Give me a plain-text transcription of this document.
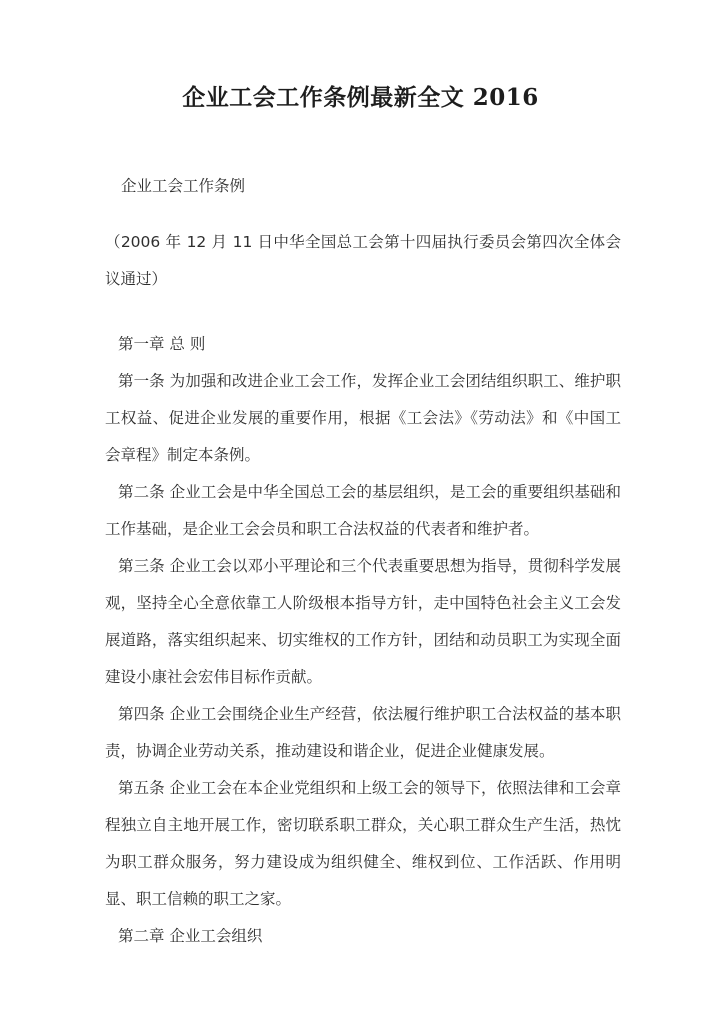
企业工会工作条例最新全文 2016

企业工会工作条例

（2006 年 12 月 11 日中华全国总工会第十四届执行委员会第四次全体会议通过）

第一章 总 则

第一条 为加强和改进企业工会工作，发挥企业工会团结组织职工、维护职工权益、促进企业发展的重要作用，根据《工会法》《劳动法》和《中国工会章程》制定本条例。

第二条 企业工会是中华全国总工会的基层组织，是工会的重要组织基础和工作基础，是企业工会会员和职工合法权益的代表者和维护者。

第三条 企业工会以邓小平理论和三个代表重要思想为指导，贯彻科学发展观，坚持全心全意依靠工人阶级根本指导方针，走中国特色社会主义工会发展道路，落实组织起来、切实维权的工作方针，团结和动员职工为实现全面建设小康社会宏伟目标作贡献。

第四条 企业工会围绕企业生产经营，依法履行维护职工合法权益的基本职责，协调企业劳动关系，推动建设和谐企业，促进企业健康发展。

第五条 企业工会在本企业党组织和上级工会的领导下，依照法律和工会章程独立自主地开展工作，密切联系职工群众，关心职工群众生产生活，热忱为职工群众服务，努力建设成为组织健全、维权到位、工作活跃、作用明显、职工信赖的职工之家。

第二章 企业工会组织
